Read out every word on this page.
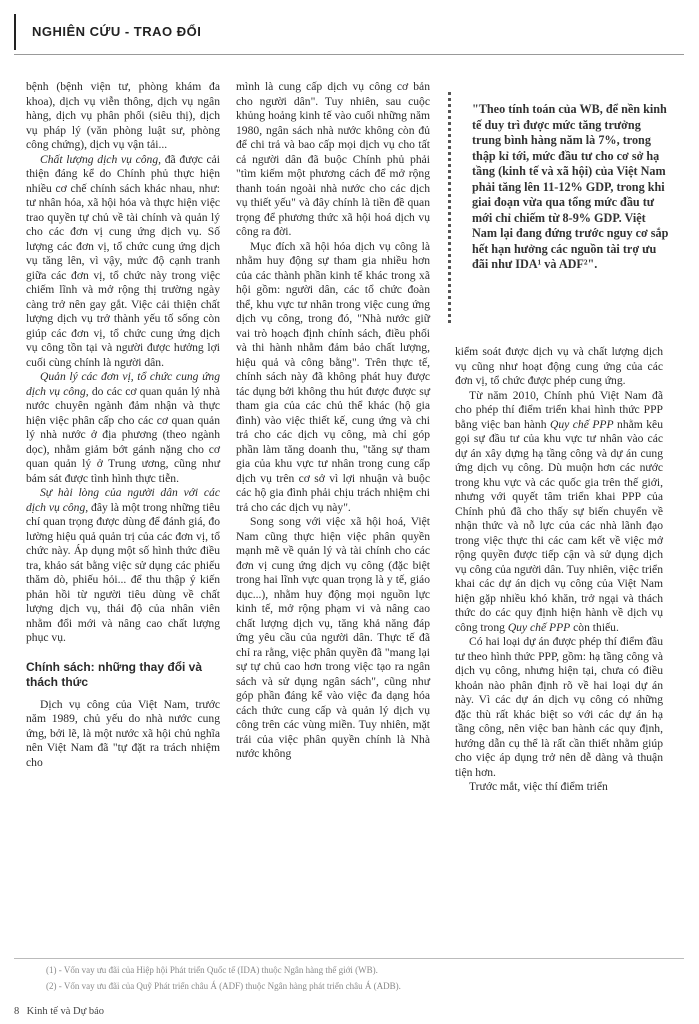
NGHIÊN CỨU - TRAO ĐỔI

bệnh (bệnh viện tư, phòng khám đa khoa), dịch vụ viễn thông, dịch vụ ngân hàng, dịch vụ phân phối (siêu thị), dịch vụ pháp lý (văn phòng luật sư, phòng công chứng), dịch vụ vận tải...

Chất lượng dịch vụ công, đã được cải thiện đáng kể do Chính phủ thực hiện nhiều cơ chế chính sách khác nhau, như: tư nhân hóa, xã hội hóa và thực hiện việc trao quyền tự chủ về tài chính và quản lý cho các đơn vị cung ứng dịch vụ. Số lượng các đơn vị, tổ chức cung ứng dịch vụ tăng lên, vì vậy, mức độ cạnh tranh giữa các đơn vị, tổ chức này trong việc chiếm lĩnh và mở rộng thị trường ngày càng trở nên gay gắt. Việc cải thiện chất lượng dịch vụ trở thành yếu tố sống còn giúp các đơn vị, tổ chức cung ứng dịch vụ công tồn tại và người được hưởng lợi cuối cùng chính là người dân.

Quản lý các đơn vị, tổ chức cung ứng dịch vụ công, do các cơ quan quản lý nhà nước chuyên ngành đảm nhận và thực hiện việc phân cấp cho các cơ quan quản lý nhà nước ở địa phương (theo ngành dọc), nhằm giảm bớt gánh nặng cho cơ quan quản lý ở Trung ương, cũng như bám sát được tình hình thực tiễn.

Sự hài lòng của người dân với các dịch vụ công, đây là một trong những tiêu chí quan trọng được dùng để đánh giá, đo lường hiệu quả quản trị của các đơn vị, tổ chức này. Áp dụng một số hình thức điều tra, khảo sát bằng việc sử dụng các phiếu thăm dò, phiếu hỏi... để thu thập ý kiến phản hồi từ người tiêu dùng về chất lượng dịch vụ, thái độ của nhân viên nhằm đổi mới và nâng cao chất lượng phục vụ.

Chính sách: những thay đổi và thách thức

Dịch vụ công của Việt Nam, trước năm 1989, chủ yếu do nhà nước cung ứng, bởi lẽ, là một nước xã hội chủ nghĩa nên Việt Nam đã "tự đặt ra trách nhiệm cho

mình là cung cấp dịch vụ công cơ bản cho người dân". Tuy nhiên, sau cuộc khủng hoảng kinh tế vào cuối những năm 1980, ngân sách nhà nước không còn đủ để chi trả và bao cấp mọi dịch vụ cho tất cả người dân đã buộc Chính phủ phải "tìm kiếm một phương cách để mở rộng thanh toán ngoài nhà nước cho các dịch vụ thiết yếu" và đây chính là tiền đề quan trọng để phương thức xã hội hoá dịch vụ công ra đời.

Mục đích xã hội hóa dịch vụ công là nhằm huy động sự tham gia nhiều hơn của các thành phần kinh tế khác trong xã hội gồm: người dân, các tổ chức đoàn thể, khu vực tư nhân trong việc cung ứng dịch vụ công, trong đó, "Nhà nước giữ vai trò hoạch định chính sách, điều phối và thi hành nhằm đảm bảo chất lượng, hiệu quả và công bằng". Trên thực tế, chính sách này đã không phát huy được tác dụng bởi không thu hút được được sự tham gia của các chủ thể khác (hộ gia đình) vào việc thiết kế, cung ứng và chi trả cho các dịch vụ công, mà chỉ góp phần làm tăng doanh thu, "tăng sự tham gia của khu vực tư nhân trong cung cấp dịch vụ trên cơ sở vì lợi nhuận và buộc các hộ gia đình phải chịu trách nhiệm chi trả cho các dịch vụ này".

Song song với việc xã hội hoá, Việt Nam cũng thực hiện việc phân quyền mạnh mẽ về quản lý và tài chính cho các đơn vị cung ứng dịch vụ công (đặc biệt trong hai lĩnh vực quan trọng là y tế, giáo dục...), nhằm huy động mọi nguồn lực kinh tế, mở rộng phạm vi và nâng cao chất lượng dịch vụ, tăng khả năng đáp ứng yêu cầu của người dân. Thực tế đã chỉ ra rằng, việc phân quyền đã "mang lại sự tự chủ cao hơn trong việc tạo ra ngân sách và sử dụng ngân sách", cũng như góp phần đáng kể vào việc đa dạng hóa cách thức cung cấp và quản lý dịch vụ công trên các vùng miền. Tuy nhiên, mặt trái của việc phân quyền chính là Nhà nước không

"Theo tính toán của WB, để nền kinh tế duy trì được mức tăng trưởng trung bình hàng năm là 7%, trong thập kỉ tới, mức đầu tư cho cơ sở hạ tầng (kinh tế và xã hội) của Việt Nam phải tăng lên 11-12% GDP, trong khi giai đoạn vừa qua tổng mức đầu tư mới chỉ chiếm từ 8-9% GDP. Việt Nam lại đang đứng trước nguy cơ sắp hết hạn hưởng các nguồn tài trợ ưu đãi như IDA¹ và ADF²".

kiểm soát được dịch vụ và chất lượng dịch vụ cũng như hoạt động cung ứng của các đơn vị, tổ chức được phép cung ứng.

Từ năm 2010, Chính phủ Việt Nam đã cho phép thí điểm triển khai hình thức PPP bằng việc ban hành Quy chế PPP nhằm kêu gọi sự đầu tư của khu vực tư nhân vào các dự án xây dựng hạ tầng công và dự án cung ứng dịch vụ công. Dù muộn hơn các nước trong khu vực và các quốc gia trên thế giới, nhưng với quyết tâm triển khai PPP của Chính phủ đã cho thấy sự biến chuyển về nhận thức và nỗ lực của các nhà lãnh đạo trong việc thực thi các cam kết về việc mở rộng quyền được tiếp cận và sử dụng dịch vụ công của người dân. Tuy nhiên, việc triển khai các dự án dịch vụ công của Việt Nam hiện gặp nhiều khó khăn, trở ngại và thách thức do các quy định hiện hành về dịch vụ công trong Quy chế PPP còn thiếu.

Có hai loại dự án được phép thí điểm đầu tư theo hình thức PPP, gồm: hạ tầng công và dịch vụ công, nhưng hiện tại, chưa có điều khoản nào phân định rõ về hai loại dự án này. Vì các dự án dịch vụ công có những đặc thù rất khác biệt so với các dự án hạ tầng công, nên việc ban hành các quy định, hướng dẫn cụ thể là rất cần thiết nhằm giúp cho việc áp dụng trở nên dễ dàng và thuận tiện hơn.

Trước mắt, việc thí điểm triển

(1) - Vốn vay ưu đãi của Hiệp hội Phát triển Quốc tế (IDA) thuộc Ngân hàng thế giới (WB).
(2) - Vốn vay ưu đãi của Quỹ Phát triển châu Á (ADF) thuộc Ngân hàng phát triển châu Á (ADB).
8 Kinh tế và Dự báo
